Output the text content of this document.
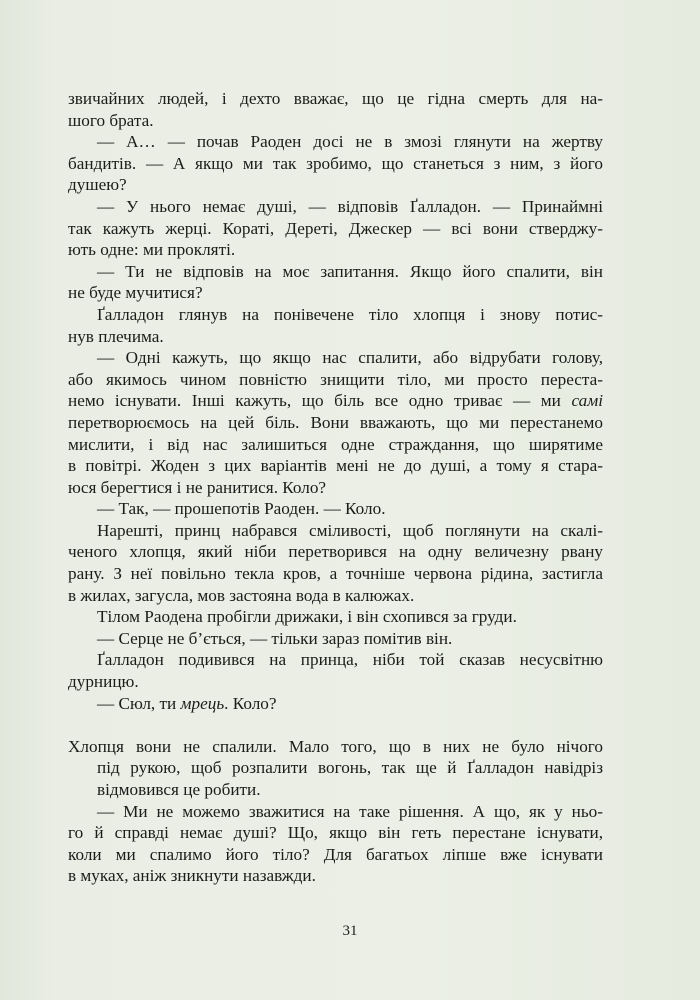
звичайних людей, і дехто вважає, що це гідна смерть для на-
шого брата.
— А… — почав Раоден досі не в змозі глянути на жертву
бандитів. — А якщо ми так зробимо, що станеться з ним, з його
душею?
— У нього немає душі, — відповів Ґалладон. — Принаймні
так кажуть жерці. Кораті, Дереті, Джескер — всі вони стверджу-
ють одне: ми прокляті.
— Ти не відповів на моє запитання. Якщо його спалити, він
не буде мучитися?
Ґалладон глянув на понівечене тіло хлопця і знову потис-
нув плечима.
— Одні кажуть, що якщо нас спалити, або відрубати голову,
або якимось чином повністю знищити тіло, ми просто переста-
немо існувати. Інші кажуть, що біль все одно триває — ми самі
перетворюємось на цей біль. Вони вважають, що ми перестанемо
мислити, і від нас залишиться одне страждання, що ширятиме
в повітрі. Жоден з цих варіантів мені не до душі, а тому я стара-
юся берегтися і не ранитися. Коло?
— Так, — прошепотів Раоден. — Коло.
Нарешті, принц набрався сміливості, щоб поглянути на скалі-
ченого хлопця, який ніби перетворився на одну величезну рвану
рану. З неї повільно текла кров, а точніше червона рідина, застигла
в жилах, загусла, мов застояна вода в калюжах.
Тілом Раодена пробігли дрижаки, і він схопився за груди.
— Серце не б’ється, — тільки зараз помітив він.
Ґалладон подивився на принца, ніби той сказав несусвітню
дурницю.
— Сюл, ти мрець. Коло?
Хлопця вони не спалили. Мало того, що в них не було нічого
під рукою, щоб розпалити вогонь, так ще й Ґалладон навідріз
відмовився це робити.
— Ми не можемо зважитися на таке рішення. А що, як у ньо-
го й справді немає душі? Що, якщо він геть перестане існувати,
коли ми спалимо його тіло? Для багатьох ліпше вже існувати
в муках, аніж зникнути назавжди.
31
